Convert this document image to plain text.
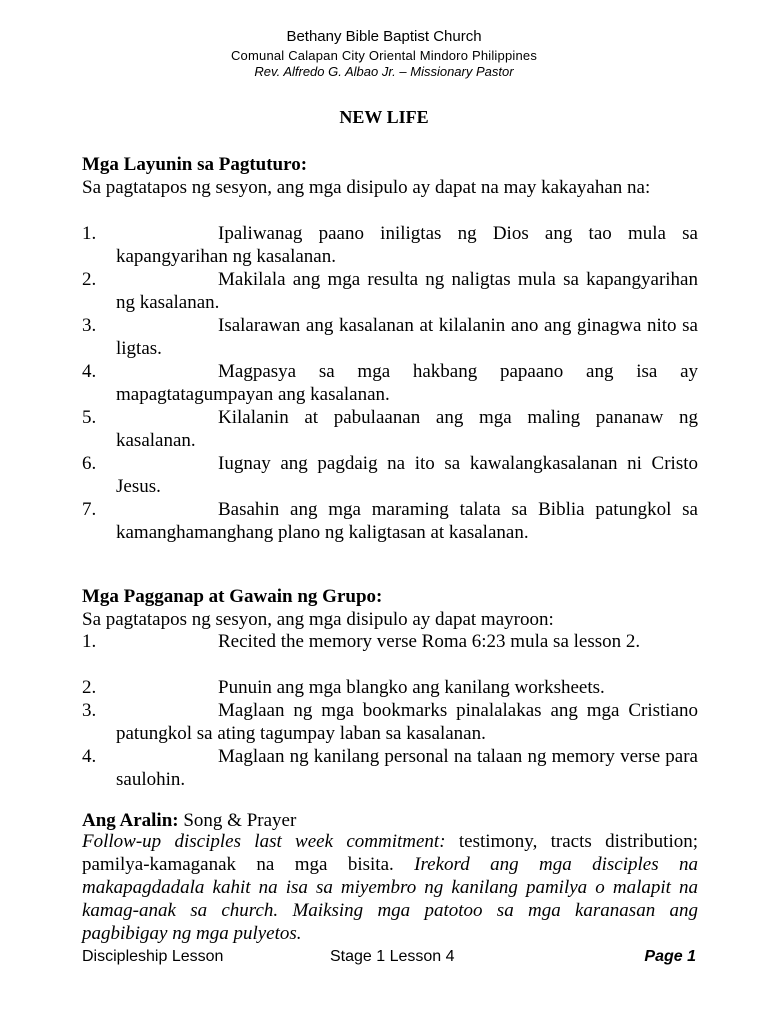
Bethany Bible Baptist Church
Comunal Calapan City Oriental Mindoro Philippines
Rev. Alfredo G. Albao Jr. – Missionary Pastor
NEW LIFE
Mga Layunin sa Pagtuturo:
Sa pagtatapos ng sesyon, ang mga disipulo ay dapat na may kakayahan na:
1.	Ipaliwanag paano iniligtas ng Dios ang tao mula sa kapangyarihan ng kasalanan.
2.	Makilala ang mga resulta ng naligtas mula sa kapangyarihan ng kasalanan.
3.	Isalarawan ang kasalanan at kilalanin ano ang ginagwa nito sa ligtas.
4.	Magpasya sa mga hakbang papaano ang isa ay mapagtatagumpayan ang kasalanan.
5.	Kilalanin at pabulaanan ang mga maling pananaw ng kasalanan.
6.	Iugnay ang pagdaig na ito sa kawalangkasalanan ni Cristo Jesus.
7.	Basahin ang mga maraming talata sa Biblia patungkol sa kamanghamanghang plano ng kaligtasan at kasalanan.
Mga Pagganap at Gawain ng Grupo:
Sa pagtatapos ng sesyon, ang mga disipulo ay dapat mayroon:
1.	Recited the memory verse Roma 6:23 mula sa lesson 2.
2.	Punuin ang mga blangko ang kanilang worksheets.
3.	Maglaan ng mga bookmarks pinalalakas ang mga Cristiano patungkol sa ating tagumpay laban sa kasalanan.
4.	Maglaan ng kanilang personal na talaan ng memory verse para saulohin.
Ang Aralin: Song & Prayer
Follow-up disciples last week commitment: testimony, tracts distribution; pamilya-kamaganak na mga bisita. Irekord ang mga disciples na makapagdadala kahit na isa sa miyembro ng kanilang pamilya o malapit na kamag-anak sa church. Maiksing mga patotoo sa mga karanasan ang pagbibigay ng mga pulyetos.
Discipleship Lesson	Stage 1 Lesson 4	Page 1
